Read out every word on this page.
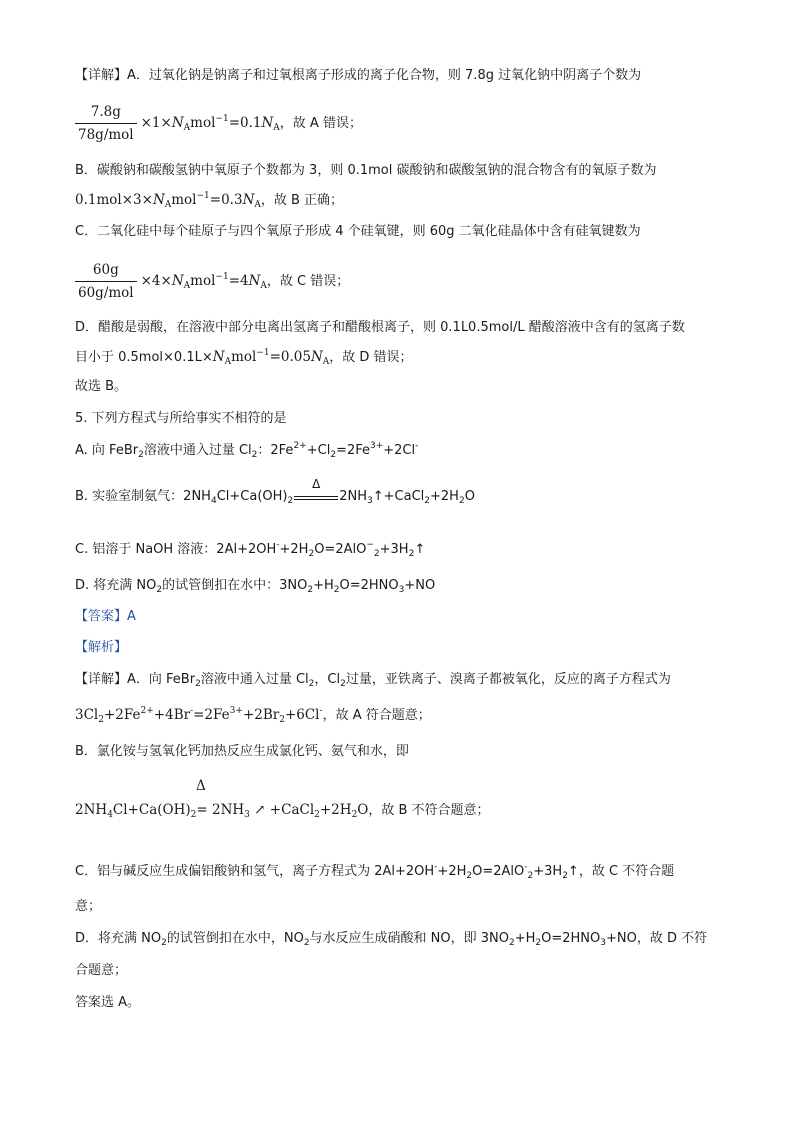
【详解】A．过氧化钠是钠离子和过氧根离子形成的离子化合物，则 7.8g 过氧化钠中阴离子个数为
$\frac{7.8g}{\text{78g/mol}} \times 1\times N_Amol^{-1}=0.1N_A$，故 A 错误；
B．碳酸钠和碳酸氢钠中氧原子个数都为 3，则 0.1mol 碳酸钠和碳酸氢钠的混合物含有的氧原子数为
$0.1mol\times 3\times N_Amol^{-1}=0.3N_A$，故 B 正确；
C．二氧化硅中每个硅原子与四个氧原子形成 4 个硅氧键，则 60g 二氧化硅晶体中含有硅氧键数为
$\frac{60g}{\text{60g/mol}} \times 4\times N_Amol^{-1}=4N_A$，故 C 错误；
D．醋酸是弱酸，在溶液中部分电离出氢离子和醋酸根离子，则 0.1L0.5mol/L 醋酸溶液中含有的氢离子数
目小于 $0.5mol\times 0.1L\times N_Amol^{-1}=0.05N_A$，故 D 错误；
故选 B。
5. 下列方程式与所给事实不相符的是
A. 向 FeBr$_2$溶液中通入过量 $Cl_2$：$2Fe^{2+}+Cl_2=2Fe^{3+}+2Cl^-$
B. 实验室制氨气：$2NH_4Cl+Ca(OH)_2$
Δ
$2NH_3↑+CaCl_2+2H_2O$
C. 铝溶于 NaOH 溶液：$2Al+2OH^-+2H_2O=2AlO^-_2+3H_2↑$
D. 将充满 $NO_2$的试管倒扣在水中：$3NO_2+H_2O=2HNO_3+NO$
【答案】A
【解析】
【详解】A．向 FeBr$_2$溶液中通入过量 $Cl_2$，$Cl_2$过量，亚铁离子、溴离子都被氧化，反应的离子方程式为
$3Cl_2+2Fe^{2+}+4Br^-=2Fe^{3+}+2Br_2+6Cl^-$，故 A 符合题意；
B．氯化铵与氢氧化钙加热反应生成氯化钙、氨气和水，即
Δ
$2NH_4Cl+Ca(OH)_2= 2NH_3$ ↗ $+CaCl_2+2H_2O$，故 B 不符合题意；
C．铝与碱反应生成偏铝酸钠和氢气，离子方程式为 $2Al+2OH^-+2H_2O=2AlO^-_2+3H_2↑$，故 C 不符合题
意；
D．将充满 $NO_2$的试管倒扣在水中，$NO_2$与水反应生成硝酸和 NO，即 $3NO_2+H_2O=2HNO_3+NO$，故 D 不符
合题意；
答案选 A。
